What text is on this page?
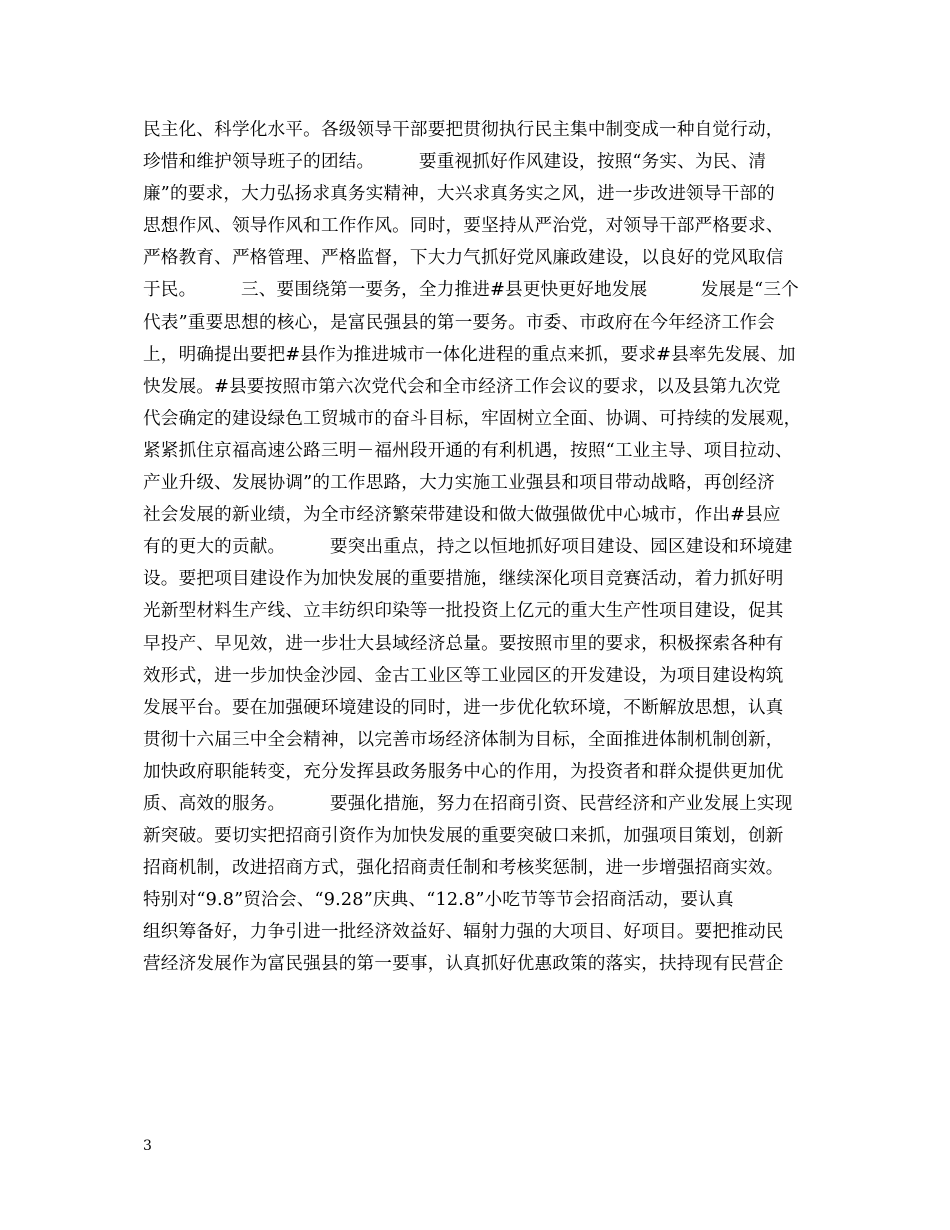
民主化、科学化水平。各级领导干部要把贯彻执行民主集中制变成一种自觉行动，
珍惜和维护领导班子的团结。　　　要重视抓好作风建设，按照“务实、为民、清
廉”的要求，大力弘扬求真务实精神，大兴求真务实之风，进一步改进领导干部的
思想作风、领导作风和工作作风。同时，要坚持从严治党，对领导干部严格要求、
严格教育、严格管理、严格监督，下大力气抓好党风廉政建设，以良好的党风取信
于民。　　　三、要围绕第一要务，全力推进#县更快更好地发展　　　发展是“三个
代表”重要思想的核心，是富民强县的第一要务。市委、市政府在今年经济工作会
上，明确提出要把#县作为推进城市一体化进程的重点来抓，要求#县率先发展、加
快发展。#县要按照市第六次党代会和全市经济工作会议的要求，以及县第九次党
代会确定的建设绿色工贸城市的奋斗目标，牢固树立全面、协调、可持续的发展观，
紧紧抓住京福高速公路三明－福州段开通的有利机遇，按照“工业主导、项目拉动、
产业升级、发展协调”的工作思路，大力实施工业强县和项目带动战略，再创经济
社会发展的新业绩，为全市经济繁荣带建设和做大做强做优中心城市，作出#县应
有的更大的贡献。　　　要突出重点，持之以恒地抓好项目建设、园区建设和环境建
设。要把项目建设作为加快发展的重要措施，继续深化项目竞赛活动，着力抓好明
光新型材料生产线、立丰纺织印染等一批投资上亿元的重大生产性项目建设，促其
早投产、早见效，进一步壮大县域经济总量。要按照市里的要求，积极探索各种有
效形式，进一步加快金沙园、金古工业区等工业园区的开发建设，为项目建设构筑
发展平台。要在加强硬环境建设的同时，进一步优化软环境，不断解放思想，认真
贯彻十六届三中全会精神，以完善市场经济体制为目标，全面推进体制机制创新，
加快政府职能转变，充分发挥县政务服务中心的作用，为投资者和群众提供更加优
质、高效的服务。　　　要强化措施，努力在招商引资、民营经济和产业发展上实现
新突破。要切实把招商引资作为加快发展的重要突破口来抓，加强项目策划，创新
招商机制，改进招商方式，强化招商责任制和考核奖惩制，进一步增强招商实效。
特别对“9.8”贸洽会、“9.28”庆典、“12.8”小吃节等节会招商活动，要认真
组织筹备好，力争引进一批经济效益好、辐射力强的大项目、好项目。要把推动民
营经济发展作为富民强县的第一要事，认真抓好优惠政策的落实，扶持现有民营企
3
